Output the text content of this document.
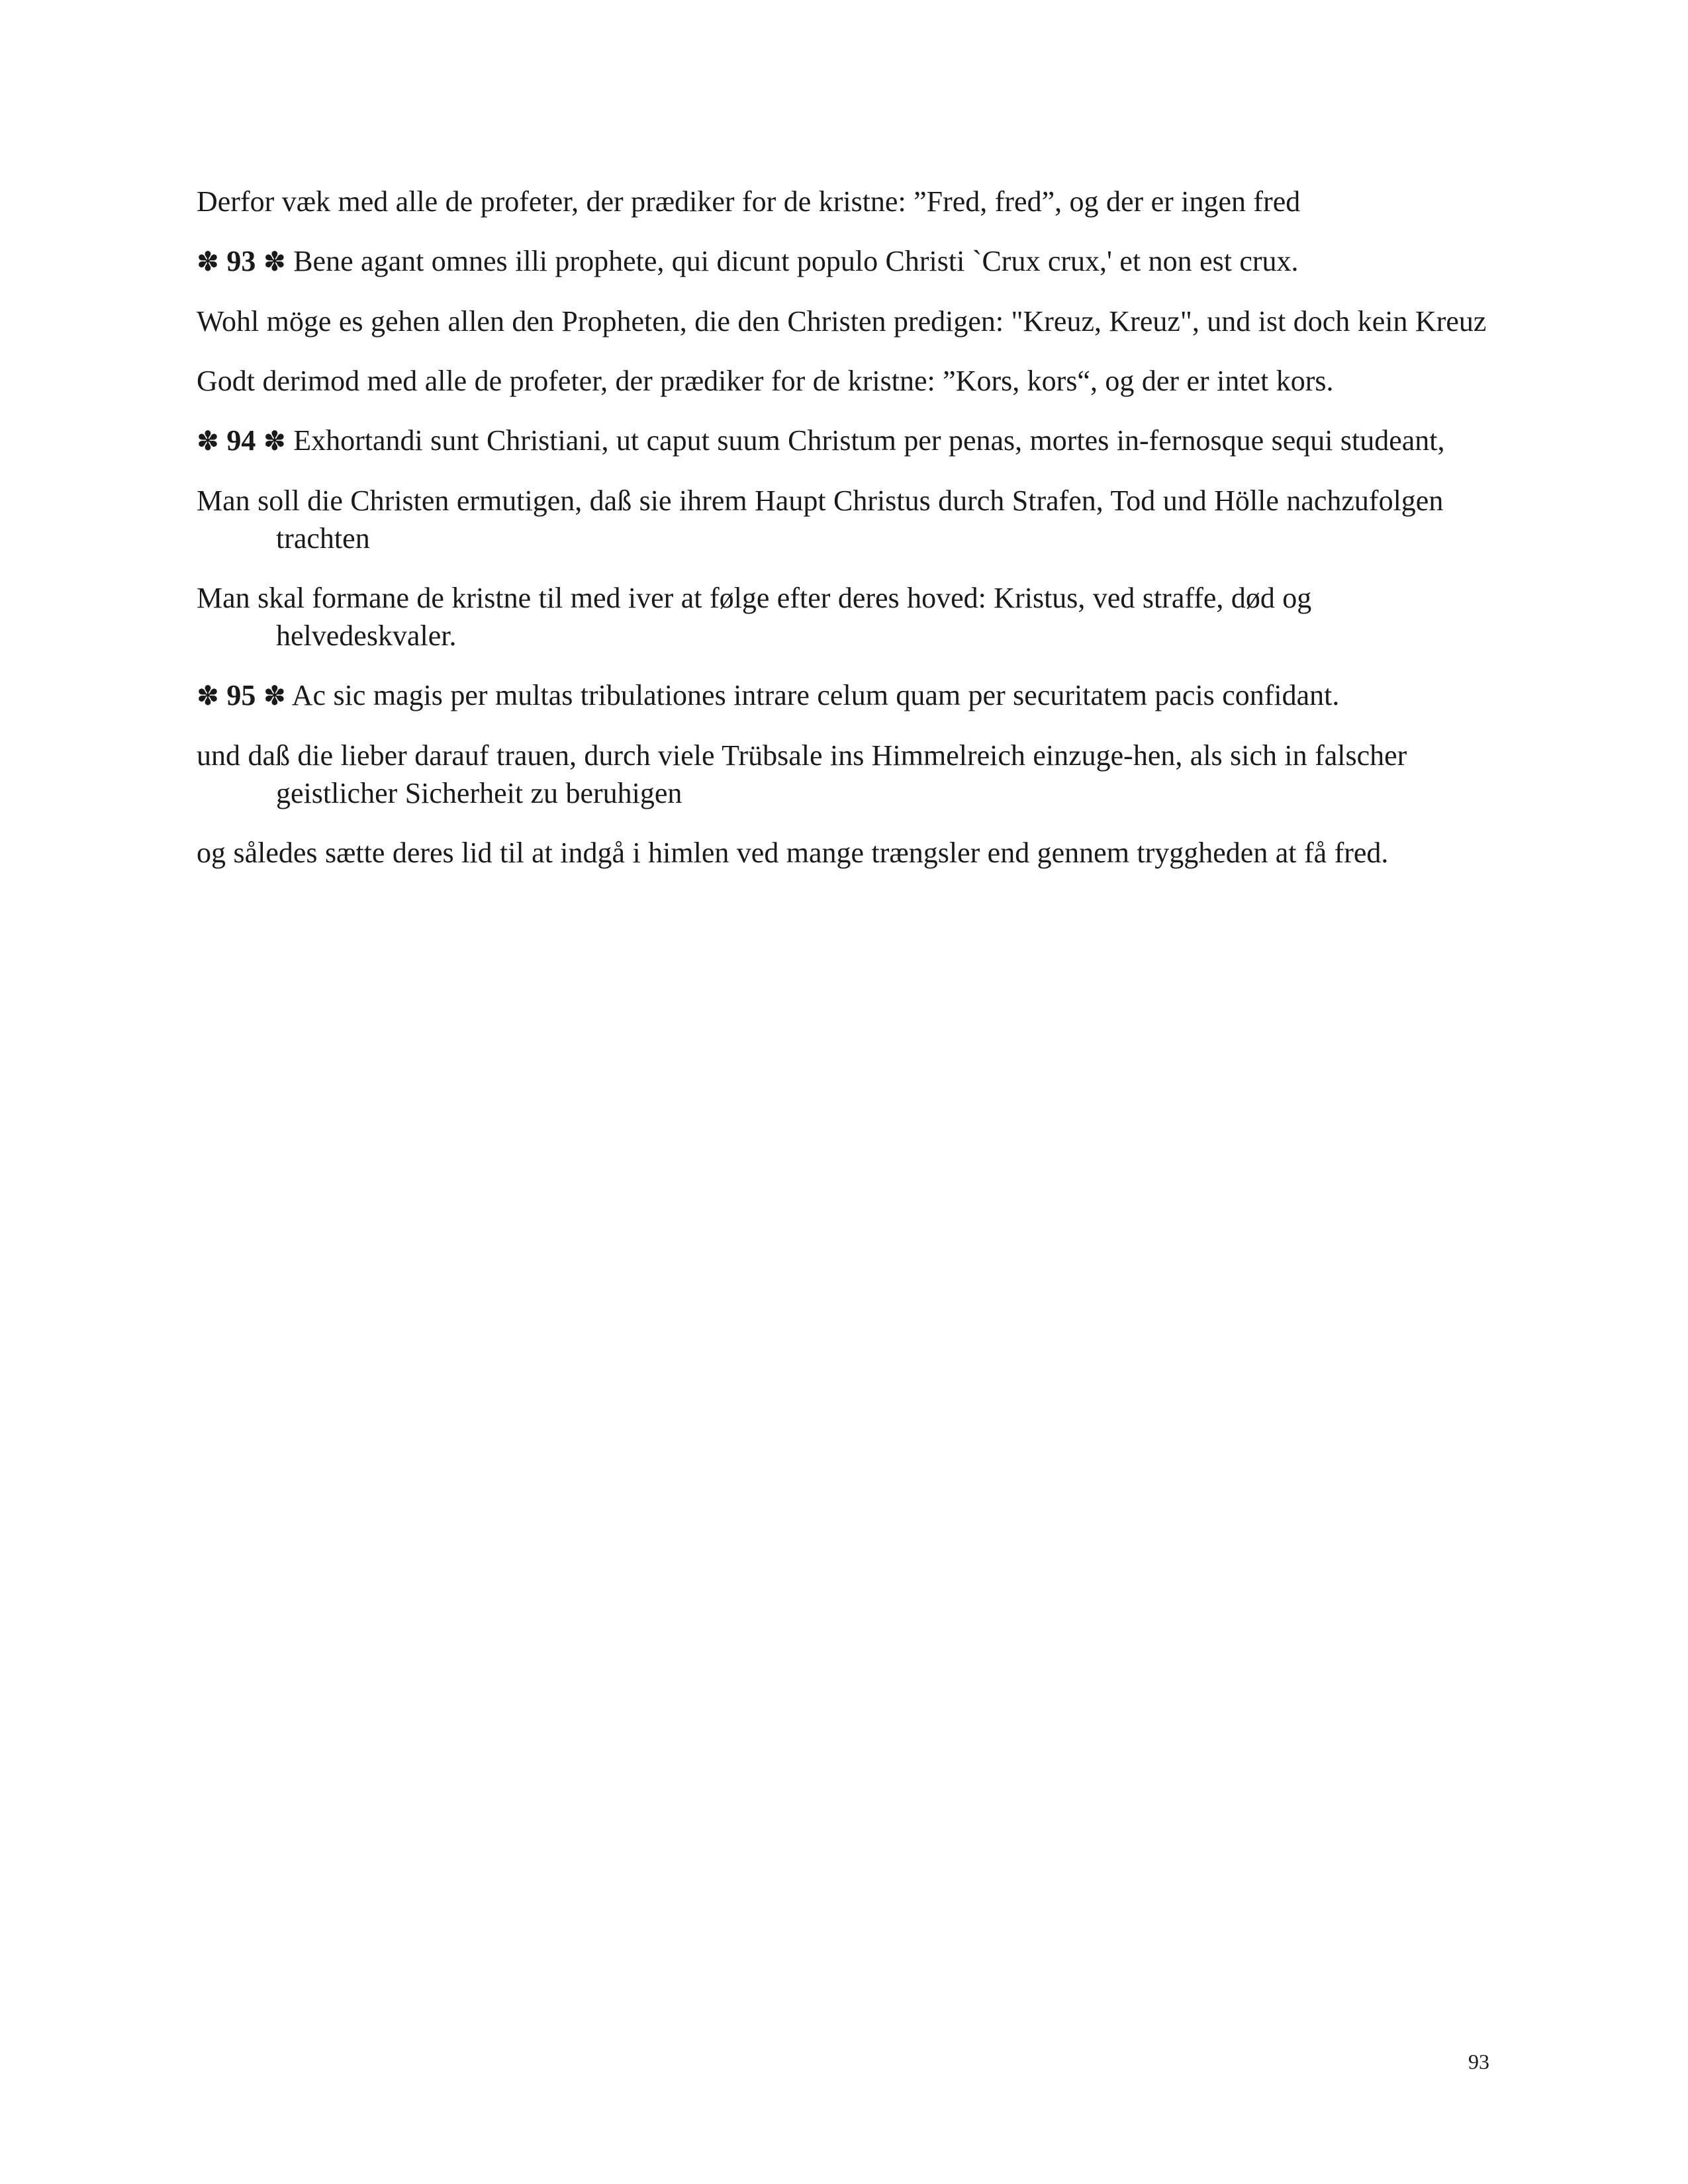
Derfor væk med alle de profeter, der prædiker for de kristne: ”Fred, fred”, og der er ingen fred

✽ 93 ✽ Bene agant omnes illi prophete, qui dicunt populo Christi `Crux crux,' et non est crux.

Wohl möge es gehen allen den Propheten, die den Christen predigen: "Kreuz, Kreuz", und ist doch kein Kreuz

Godt derimod med alle de profeter, der prædiker for de kristne: ”Kors, kors“, og der er intet kors.

✽ 94 ✽ Exhortandi sunt Christiani, ut caput suum Christum per penas, mortes in-fernosque sequi studeant,

Man soll die Christen ermutigen, daß sie ihrem Haupt Christus durch Strafen, Tod und Hölle nachzufolgen trachten

Man skal formane de kristne til med iver at følge efter deres hoved: Kristus, ved straffe, død og helvedeskvaler.

✽ 95 ✽ Ac sic magis per multas tribulationes intrare celum quam per securitatem pacis confidant.

und daß die lieber darauf trauen, durch viele Trübsale ins Himmelreich einzuge-hen, als sich in falscher geistlicher Sicherheit zu beruhigen

og således sætte deres lid til at indgå i himlen ved mange trængsler end gennem tryggheden at få fred.

93
